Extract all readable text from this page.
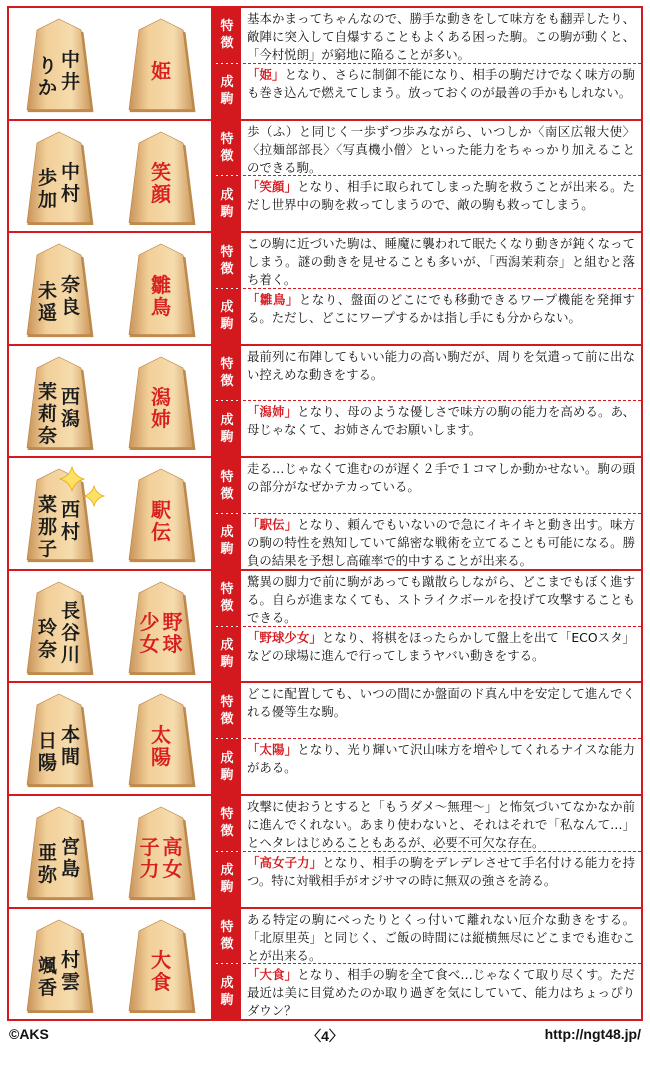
中
井
り
か
姫
特
徴
基本かまってちゃんなので、勝手な動きをして味方をも翻弄したり、敵陣に突入して自爆することもよくある困った駒。この駒が動くと、「今村悦朗」が窮地に陥ることが多い。
成
駒
「姫」となり、さらに制御不能になり、相手の駒だけでなく味方の駒も巻き込んで燃えてしまう。放っておくのが最善の手かもしれない。
中
村
歩
加
笑
顔
特
徴
歩（ふ）と同じく一歩ずつ歩みながら、いつしか〈南区広報大使〉〈拉麺部部長〉〈写真機小僧〉といった能力をちゃっかり加えることのできる駒。
成
駒
「笑顔」となり、相手に取られてしまった駒を救うことが出来る。ただし世界中の駒を救ってしまうので、敵の駒も救ってしまう。
奈
良
未
遥
雛
鳥
特
徴
この駒に近づいた駒は、睡魔に襲われて眠たくなり動きが鈍くなってしまう。謎の動きを見せることも多いが、「西潟茉莉奈」と組むと落ち着く。
成
駒
「雛鳥」となり、盤面のどこにでも移動できるワープ機能を発揮する。ただし、どこにワープするかは指し手にも分からない。
西
潟
茉
莉
奈
潟
姉
特
徴
最前列に布陣してもいい能力の高い駒だが、周りを気遣って前に出ない控えめな動きをする。
成
駒
「潟姉」となり、母のような優しさで味方の駒の能力を高める。あ、母じゃなくて、お姉さんでお願いします。
西
村
菜
那
子
駅
伝
特
徴
走る…じゃなくて進むのが遅く２手で１コマしか動かせない。駒の頭の部分がなぜかテカっている。
成
駒
「駅伝」となり、頼んでもいないので急にイキイキと動き出す。味方の駒の特性を熟知していて綿密な戦術を立てることも可能になる。勝負の結果を予想し高確率で的中することが出来る。
長
谷
川
玲
奈
野
球
少
女
特
徴
驚異の脚力で前に駒があっても蹴散らしながら、どこまでもぼく進する。自らが進まなくても、ストライクボールを投げて攻撃することもできる。
成
駒
「野球少女」となり、将棋をほったらかして盤上を出て「ECOスタ」などの球場に進んで行ってしまうヤバい動きをする。
本
間
日
陽
太
陽
特
徴
どこに配置しても、いつの間にか盤面のド真ん中を安定して進んでくれる優等生な駒。
成
駒
「太陽」となり、光り輝いて沢山味方を増やしてくれるナイスな能力がある。
宮
島
亜
弥
高
女
子
力
特
徴
攻撃に使おうとすると「もうダメ〜無理〜」と怖気づいてなかなか前に進んでくれない。あまり使わないと、それはそれで「私なんて…」とヘタレはじめることもあるが、必要不可欠な存在。
成
駒
「高女子力」となり、相手の駒をデレデレさせて手名付ける能力を持つ。特に対戦相手がオジサマの時に無双の強さを誇る。
村
雲
颯
香
大
食
特
徴
ある特定の駒にべったりとくっ付いて離れない厄介な動きをする。「北原里英」と同じく、ご飯の時間には縦横無尽にどこまでも進むことが出来る。
成
駒
「大食」となり、相手の駒を全て食べ…じゃなくて取り尽くす。ただ最近は美に目覚めたのか取り過ぎを気にしていて、能力はちょっぴりダウン？
©AKS	〈4〉	http://ngt48.jp/
